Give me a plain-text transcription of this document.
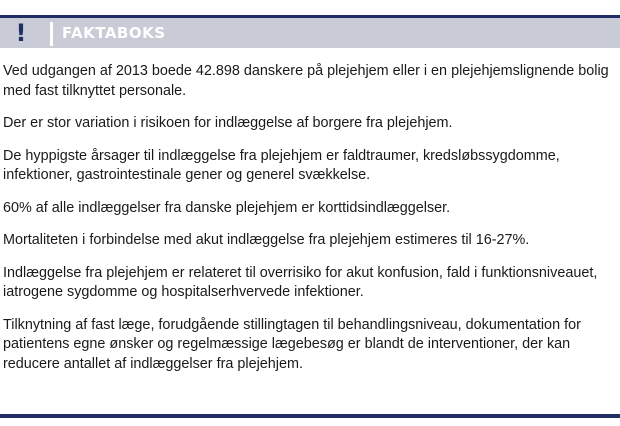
! FAKTABOKS

Ved udgangen af 2013 boede 42.898 danskere på plejehjem eller i en plejehjemslignende bolig med fast tilknyttet personale.

Der er stor variation i risikoen for indlæggelse af borgere fra plejehjem.

De hyppigste årsager til indlæggelse fra plejehjem er faldtraumer, kredsløbssygdomme, infektioner, gastrointestinale gener og generel svækkelse.

60% af alle indlæggelser fra danske plejehjem er korttidsindlæggelser.

Mortaliteten i forbindelse med akut indlæggelse fra plejehjem estimeres til 16-27%.

Indlæggelse fra plejehjem er relateret til overrisiko for akut konfusion, fald i funktionsniveauet, iatrogene sygdomme og hospitalserhvervede infektioner.

Tilknytning af fast læge, forudgående stillingtagen til behandlingsniveau, dokumentation for patientens egne ønsker og regelmæssige lægebesøg er blandt de interventioner, der kan reducere antallet af indlæggelser fra plejehjem.
